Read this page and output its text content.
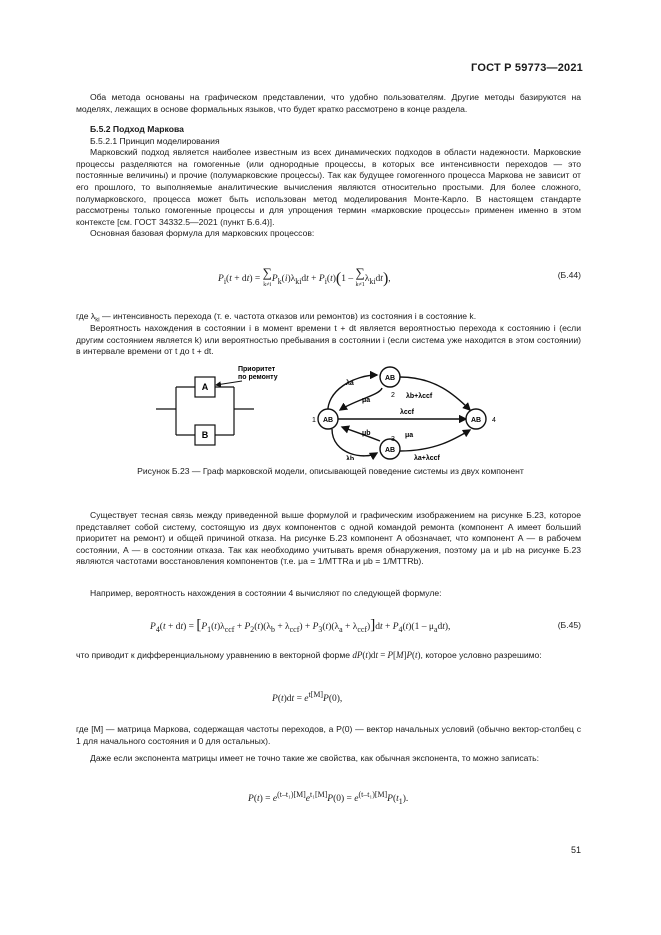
ГОСТ Р 59773—2021
Оба метода основаны на графическом представлении, что удобно пользователям. Другие методы базируются на моделях, лежащих в основе формальных языков, что будет кратко рассмотрено в конце раздела.

Б.5.2 Подход Маркова

Б.5.2.1 Принцип моделирования

Марковский подход является наиболее известным из всех динамических подходов в области надежности. Марковские процессы разделяются на гомогенные (или однородные процессы, в которых все интенсивности переходов — это постоянные величины) и прочие (полумарковские процессы). Так как будущее гомогенного процесса Маркова не зависит от его прошлого, то выполняемые аналитические вычисления являются относительно простыми. Для более сложного, полумарковского, процесса может быть использован метод моделирования Монте-Карло. В настоящем стандарте рассмотрены только гомогенные процессы и для упрощения термин «марковские процессы» применен именно в этом контексте [см. ГОСТ 34332.5—2021 (пункт Б.6.4)].

Основная базовая формула для марковских процессов:

$P_i(t + dt)$ = ∑
$k\ne iP_k(i)\lambda_{ki}dt + P_i(t)(1$ – ∑
$k\ne 1\lambda_{ki}dt$),	(Б.44)
где $\lambda_{ki}$ — интенсивность перехода (т. е. частота отказов или ремонтов) из состояния i в состояние k.
Вероятность нахождения в состоянии i в момент времени t + dt является вероятностью перехода к состоянию i (если другим состоянием является k) или вероятностью пребывания в состоянии i (если система уже находится в этом состоянии) в интервале времени от t до t + dt.
A
B
Приоритет
по ремонту
AB
AB
AB
AB
1
2
3
4
λa
μa
λb+λccf
λccf
μb
λb
μa
λa+λccf
Рисунок Б.23 — Граф марковской модели, описывающей поведение системы из двух компонент
Существует тесная связь между приведенной выше формулой и графическим изображением на рисунке Б.23, которое представляет собой систему, состоящую из двух компонентов с одной командой ремонта (компонент A имеет больший приоритет на ремонт) и общей причиной отказа. На рисунке Б.23 компонент A обозначает, что компонент A — в рабочем состоянии, A — в состоянии отказа. Так как необходимо учитывать время обнаружения, поэтому μa и μb на рисунке Б.23 являются частотами восстановления компонентов (т.е. μa = 1/MTTRa и μb = 1/MTTRb).
Например, вероятность нахождения в состоянии 4 вычисляют по следующей формуле:
$P_4(t + dt) = [P_1(t)\lambda_{ccf} + P_2(t)(\lambda_b + \lambda_{ccf}) + P_3(t)(\lambda_a + \lambda_{ccf})]dt + P_4(t)(1 - \mu_adt)$,	(Б.45)
что приводит к дифференциальному уравнению в векторной форме dP(t)dt = P[M]P(t), которое условно разрешимо:
$P(t)dt = e^{t[M]}P(0)$,
где [M] — матрица Маркова, содержащая частоты переходов, а P(0) — вектор начальных условий (обычно вектор-столбец с 1 для начального состояния и 0 для остальных).
Даже если экспонента матрицы имеет не точно такие же свойства, как обычная экспонента, то можно записать:
$P(t) = e^{(t-t_1)[M]}e^{t_1[M]}P(0) = e^{(t-t_1)[M]}P(t_1)$.
51
